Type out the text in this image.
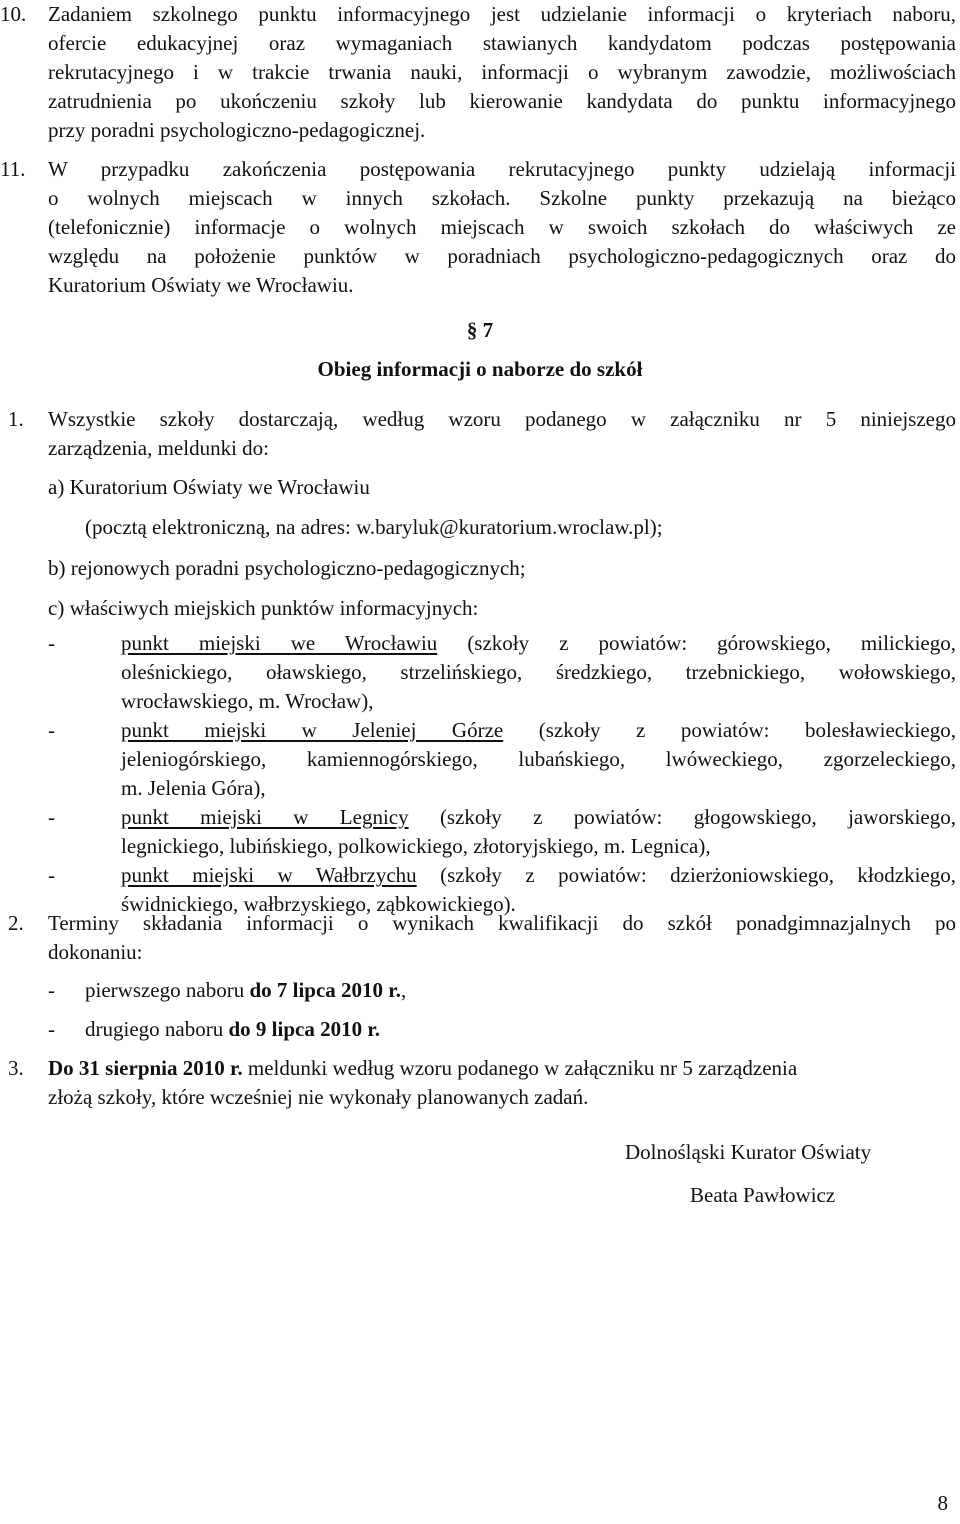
10. Zadaniem szkolnego punktu informacyjnego jest udzielanie informacji o kryteriach naboru,
ofercie edukacyjnej oraz wymaganiach stawianych kandydatom podczas postępowania
rekrutacyjnego i w trakcie trwania nauki, informacji o wybranym zawodzie, możliwościach
zatrudnienia po ukończeniu szkoły lub kierowanie kandydata do punktu informacyjnego
przy poradni psychologiczno-pedagogicznej.
11. W przypadku zakończenia postępowania rekrutacyjnego punkty udzielają informacji
o wolnych miejscach w innych szkołach. Szkolne punkty przekazują na bieżąco
(telefonicznie) informacje o wolnych miejscach w swoich szkołach do właściwych ze
względu na położenie punktów w poradniach psychologiczno-pedagogicznych oraz do
Kuratorium Oświaty we Wrocławiu.
§ 7
Obieg informacji o naborze do szkół
1. Wszystkie szkoły dostarczają, według wzoru podanego w załączniku nr 5 niniejszego
zarządzenia, meldunki do:
a) Kuratorium Oświaty we Wrocławiu
(pocztą elektroniczną, na adres: w.baryluk@kuratorium.wroclaw.pl);
b) rejonowych poradni psychologiczno-pedagogicznych;
c) właściwych miejskich punktów informacyjnych:
-	punkt miejski we Wrocławiu (szkoły z powiatów: górowskiego, milickiego,
oleśnickiego, oławskiego, strzelińskiego, średzkiego, trzebnickiego, wołowskiego,
wrocławskiego, m. Wrocław),
-	punkt miejski w Jeleniej Górze (szkoły z powiatów: bolesławieckiego,
jeleniogórskiego, kamiennogórskiego, lubańskiego, lwóweckiego, zgorzeleckiego,
m. Jelenia Góra),
-	punkt miejski w Legnicy (szkoły z powiatów: głogowskiego, jaworskiego,
legnickiego, lubińskiego, polkowickiego, złotoryjskiego, m. Legnica),
-	punkt miejski w Wałbrzychu (szkoły z powiatów: dzierżoniowskiego, kłodzkiego,
świdnickiego, wałbrzyskiego, ząbkowickiego).
2. Terminy składania informacji o wynikach kwalifikacji do szkół ponadgimnazjalnych po
dokonaniu:
- pierwszego naboru do 7 lipca 2010 r.,
- drugiego naboru do 9 lipca 2010 r.
3. Do 31 sierpnia 2010 r. meldunki według wzoru podanego w załączniku nr 5 zarządzenia
złożą szkoły, które wcześniej nie wykonały planowanych zadań.
Dolnośląski Kurator Oświaty
Beata Pawłowicz
8
